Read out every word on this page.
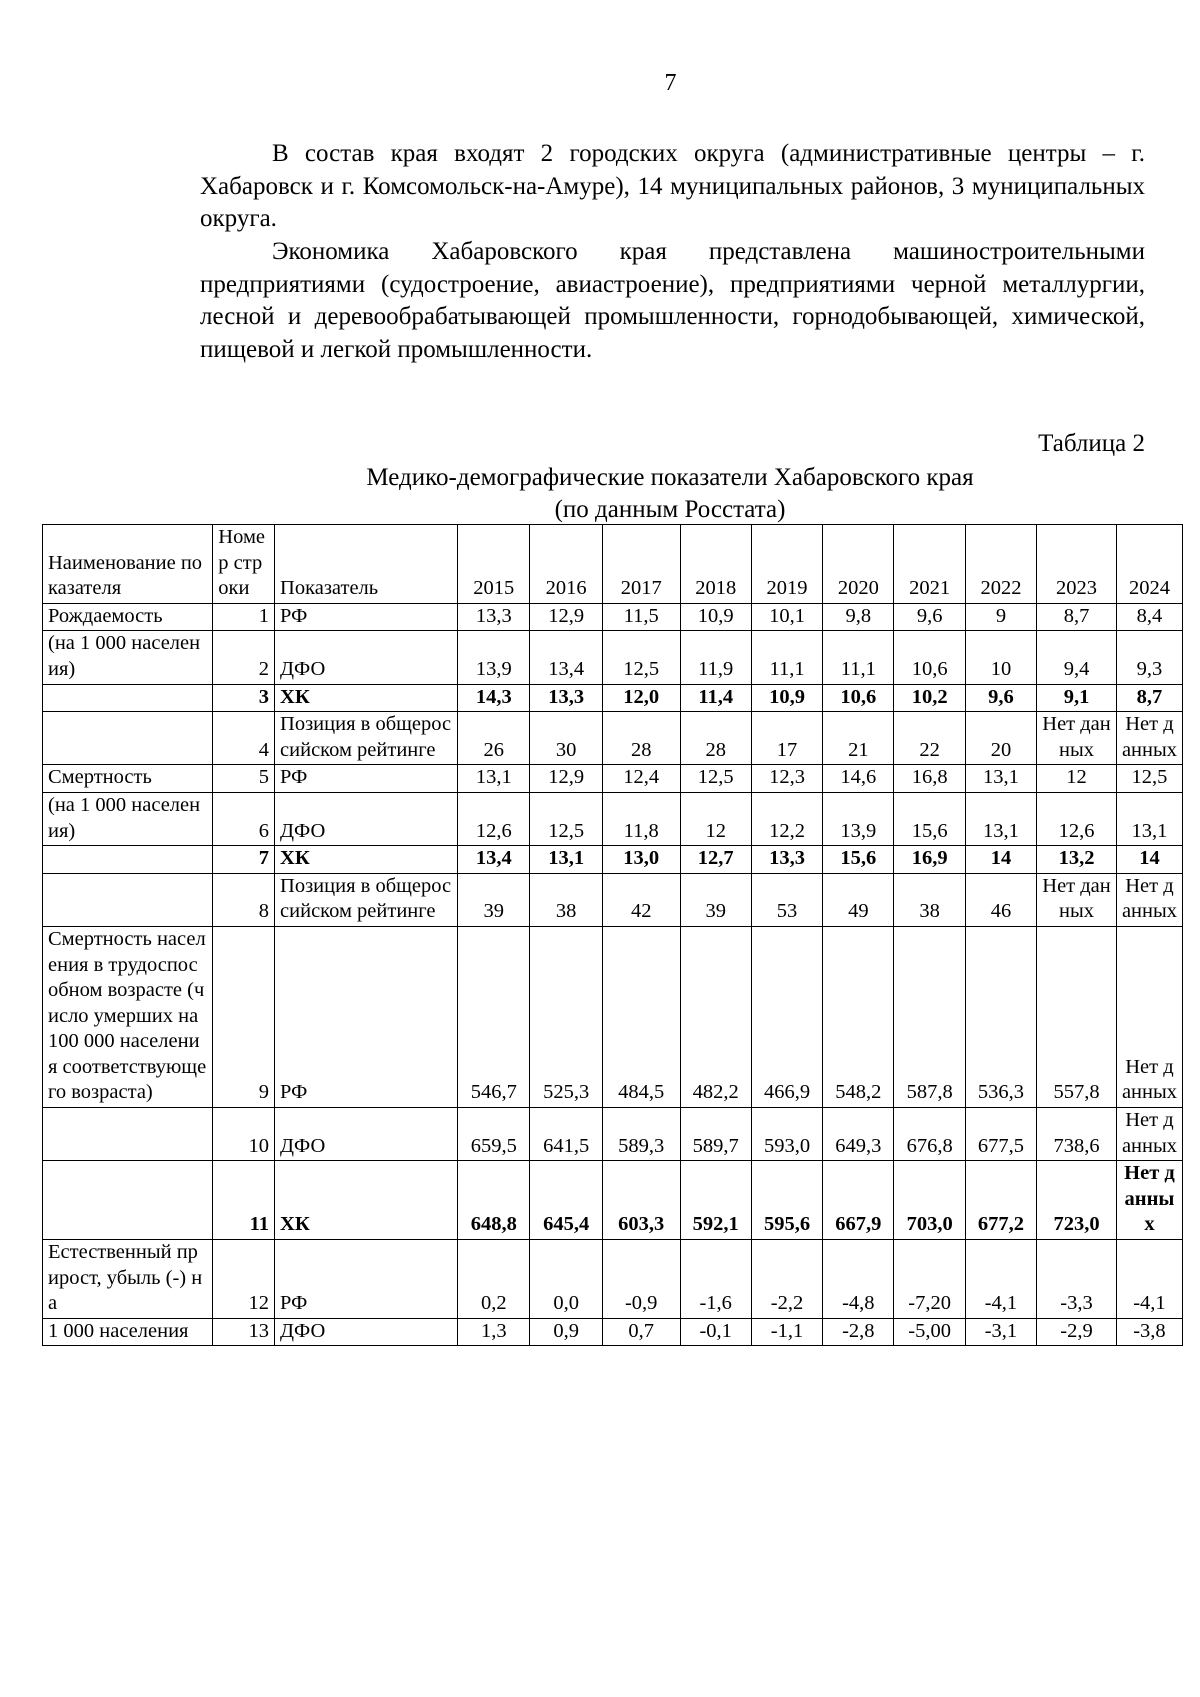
7

В состав края входят 2 городских округа (административные центры – г. Хабаровск и г. Комсомольск-на-Амуре), 14 муниципальных районов, 3 муниципальных округа.

Экономика Хабаровского края представлена машиностроительными предприятиями (судостроение, авиастроение), предприятиями черной металлургии, лесной и деревообрабатывающей промышленности, горнодобывающей, химической, пищевой и легкой промышленности.

Таблица 2
Медико-демографические показатели Хабаровского края
(по данным Росстата)
Наименование показателя	Номер строки	Показатель	2015	2016	2017	2018	2019	2020	2021	2022	2023	2024
Рождаемость	1	РФ	13,3	12,9	11,5	10,9	10,1	9,8	9,6	9	8,7	8,4
(на 1 000 населения)	2	ДФО	13,9	13,4	12,5	11,9	11,1	11,1	10,6	10	9,4	9,3
	3	ХК	14,3	13,3	12,0	11,4	10,9	10,6	10,2	9,6	9,1	8,7
	4	Позиция в общероссийском рейтинге	26	30	28	28	17	21	22	20	Нет данных	Нет данных
Смертность	5	РФ	13,1	12,9	12,4	12,5	12,3	14,6	16,8	13,1	12	12,5
(на 1 000 населения)	6	ДФО	12,6	12,5	11,8	12	12,2	13,9	15,6	13,1	12,6	13,1
	7	ХК	13,4	13,1	13,0	12,7	13,3	15,6	16,9	14	13,2	14
	8	Позиция в общероссийском рейтинге	39	38	42	39	53	49	38	46	Нет данных	Нет данных
Смертность населения в трудоспособном возрасте (число умерших на 100 000 населения соответствующего возраста)	9	РФ	546,7	525,3	484,5	482,2	466,9	548,2	587,8	536,3	557,8	Нет данных
	10	ДФО	659,5	641,5	589,3	589,7	593,0	649,3	676,8	677,5	738,6	Нет данных
	11	ХК	648,8	645,4	603,3	592,1	595,6	667,9	703,0	677,2	723,0	Нет данных
Естественный прирост, убыль (-) на	12	РФ	0,2	0,0	-0,9	-1,6	-2,2	-4,8	-7,20	-4,1	-3,3	-4,1
1 000 населения	13	ДФО	1,3	0,9	0,7	-0,1	-1,1	-2,8	-5,00	-3,1	-2,9	-3,8
